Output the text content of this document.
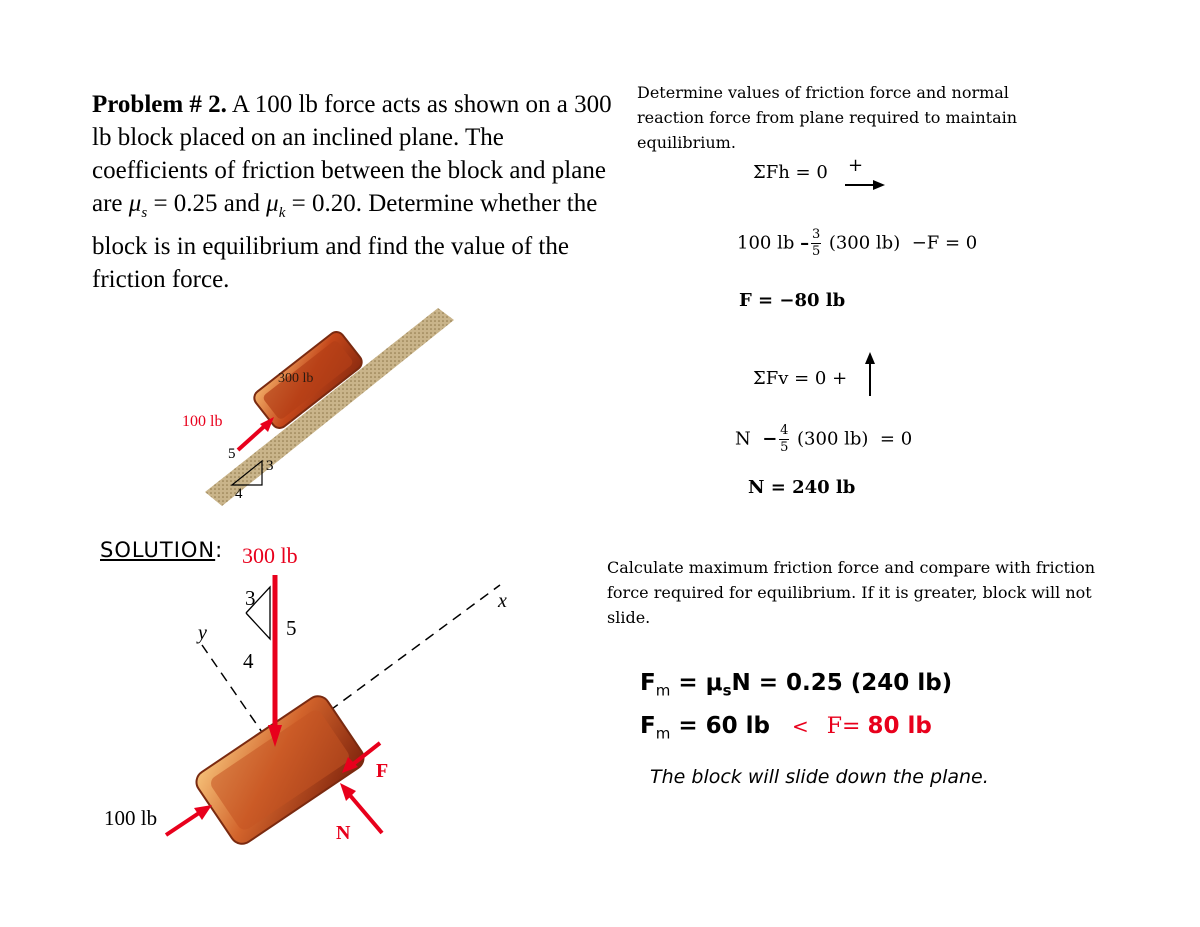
Problem # 2. A 100 lb force acts as shown on a 300 lb block placed on an inclined plane. The coefficients of friction between the block and plane are $\mu_s = 0.25$ and $\mu_k = 0.20$. Determine whether the block is in equilibrium and find the value of the friction force.
300 lb
100 lb
5
3
4
SOLUTION: 300 lb
x
y
3
4
5
100 lb
F
N
Determine values of friction force and normal reaction force from plane required to maintain equilibrium.
ΣFh = 0 +
100 lb – $\frac{3}{5} (300$ lb) −F = 0
F = −80 lb
ΣFv = 0 +
$N - \frac{4}{5} (300$ lb) = 0
N = 240 lb
Calculate maximum friction force and compare with friction force required for equilibrium. If it is greater, block will not slide.
$F_m = \mu_sN = 0.25$ (240 lb)
$F_m = 60$ lb < F= 80 lb
The block will slide down the plane.
